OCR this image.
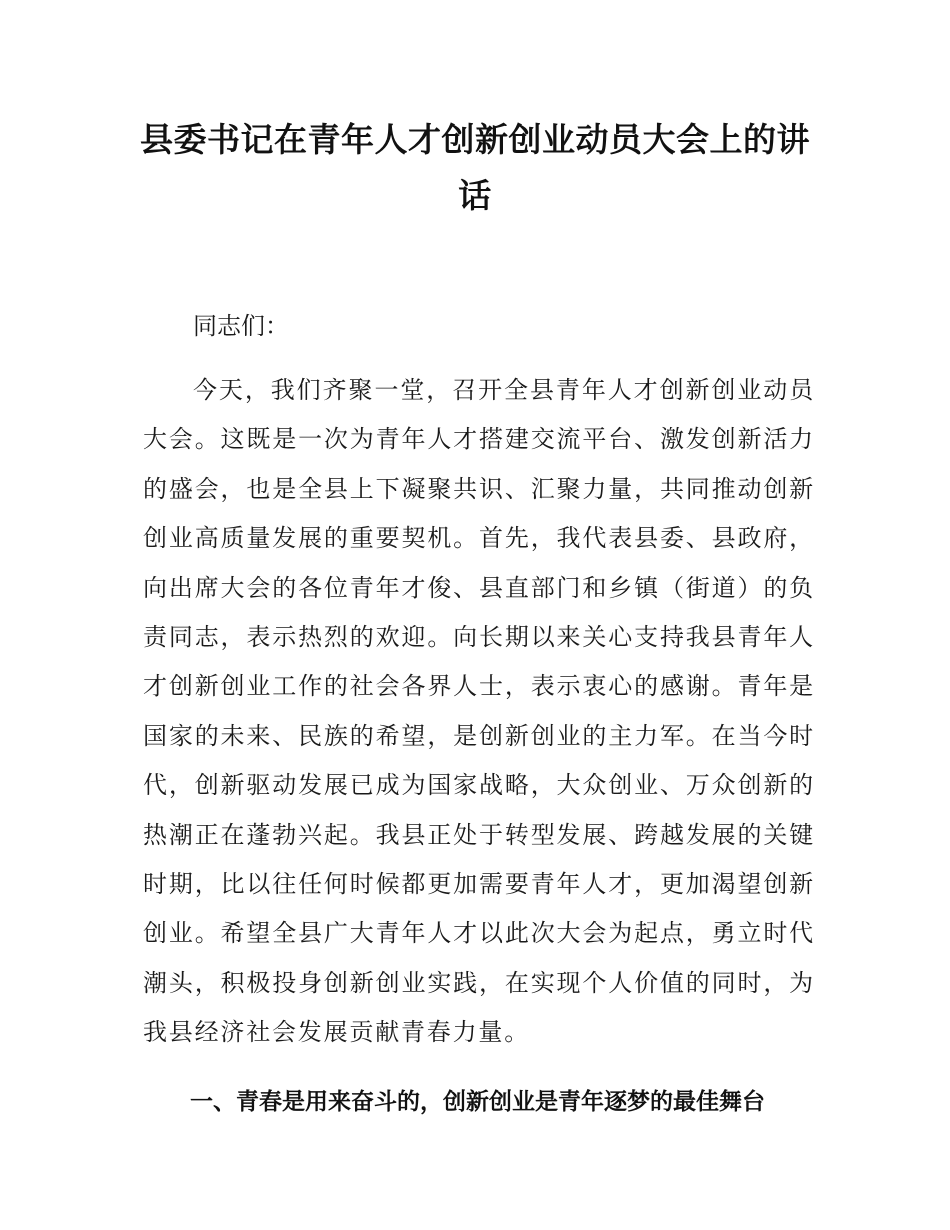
县委书记在青年人才创新创业动员大会上的讲话

同志们：

今天，我们齐聚一堂，召开全县青年人才创新创业动员大会。这既是一次为青年人才搭建交流平台、激发创新活力的盛会，也是全县上下凝聚共识、汇聚力量，共同推动创新创业高质量发展的重要契机。首先，我代表县委、县政府，向出席大会的各位青年才俊、县直部门和乡镇（街道）的负责同志，表示热烈的欢迎。向长期以来关心支持我县青年人才创新创业工作的社会各界人士，表示衷心的感谢。青年是国家的未来、民族的希望，是创新创业的主力军。在当今时代，创新驱动发展已成为国家战略，大众创业、万众创新的热潮正在蓬勃兴起。我县正处于转型发展、跨越发展的关键时期，比以往任何时候都更加需要青年人才，更加渴望创新创业。希望全县广大青年人才以此次大会为起点，勇立时代潮头，积极投身创新创业实践，在实现个人价值的同时，为我县经济社会发展贡献青春力量。

一、青春是用来奋斗的，创新创业是青年逐梦的最佳舞台
